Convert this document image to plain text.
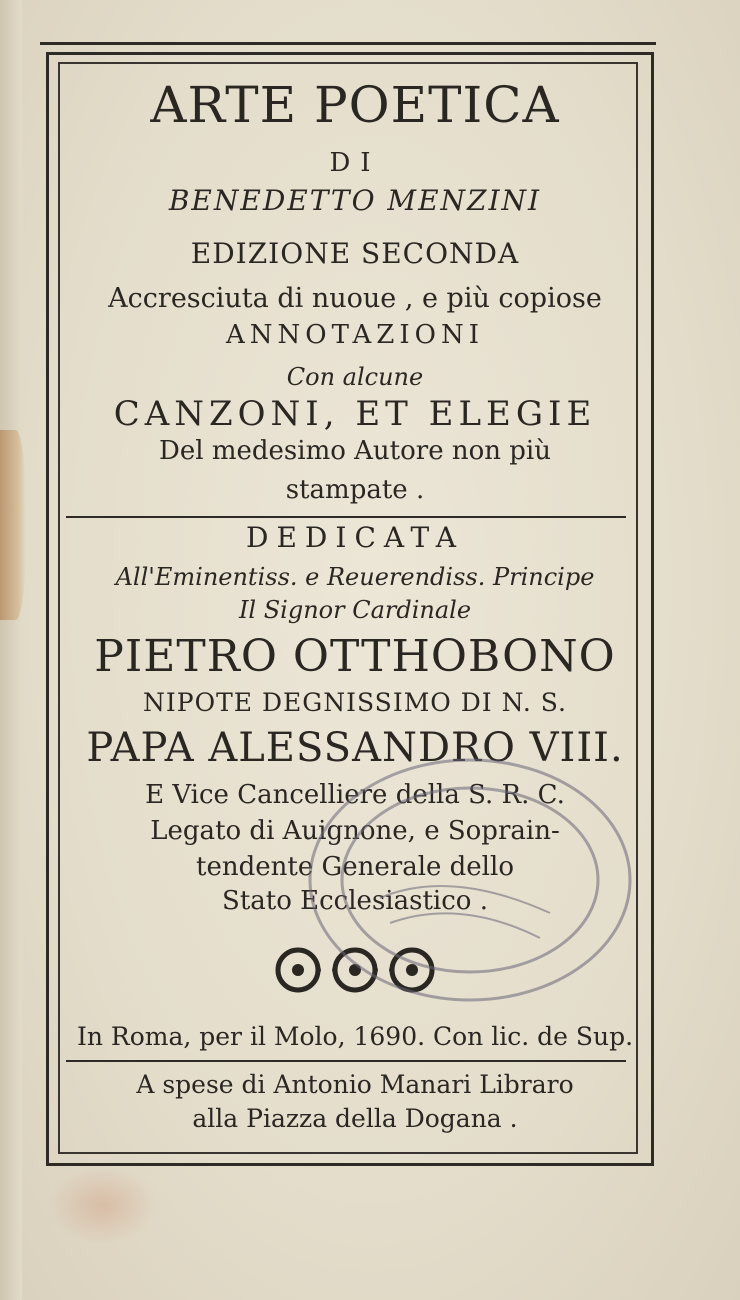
ARTE POETICA
DI
BENEDETTO MENZINI
EDIZIONE SECONDA
Accresciuta di nuoue , e più copiose
ANNOTAZIONI
Con alcune
CANZONI, ET ELEGIE
Del medesimo Autore non più
stampate .
DEDICATA
All'Eminentiss. e Reuerendiss. Principe
Il Signor Cardinale
PIETRO OTTHOBONO
NIPOTE DEGNISSIMO DI N. S.
PAPA ALESSANDRO VIII.
E Vice Cancelliere della S. R. C.
Legato di Auignone, e Soprain-
tendente Generale dello
Stato Ecclesiastico .
In Roma, per il Molo, 1690. Con lic. de Sup.
A spese di Antonio Manari Libraro
alla Piazza della Dogana .
